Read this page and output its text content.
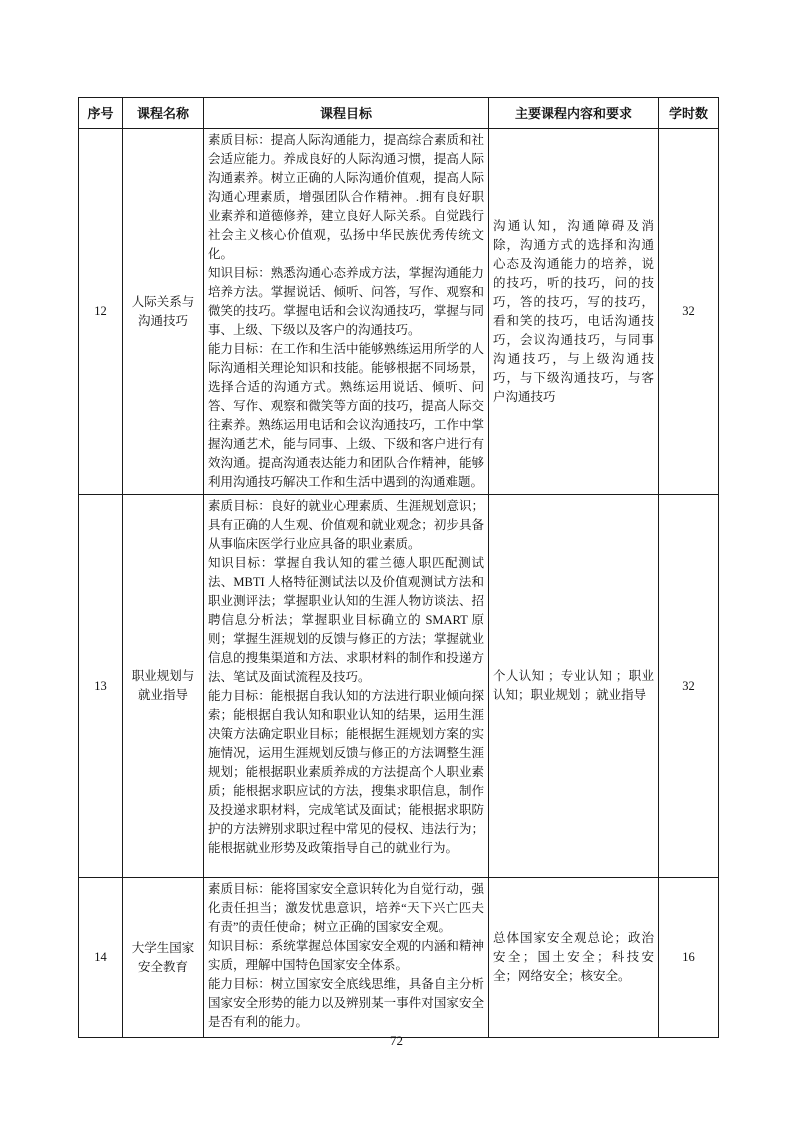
序号	课程名称	课程目标	主要课程内容和要求	学时数
12	人际关系与沟通技巧	素质目标：提高人际沟通能力，提高综合素质和社会适应能力。养成良好的人际沟通习惯，提高人际沟通素养。树立正确的人际沟通价值观，提高人际沟通心理素质，增强团队合作精神。.拥有良好职业素养和道德修养，建立良好人际关系。自觉践行社会主义核心价值观，弘扬中华民族优秀传统文化。

知识目标：熟悉沟通心态养成方法，掌握沟通能力培养方法。掌握说话、倾听、问答，写作、观察和微笑的技巧。掌握电话和会议沟通技巧，掌握与同事、上级、下级以及客户的沟通技巧。

能力目标：在工作和生活中能够熟练运用所学的人际沟通相关理论知识和技能。能够根据不同场景，选择合适的沟通方式。熟练运用说话、倾听、问答、写作、观察和微笑等方面的技巧，提高人际交往素养。熟练运用电话和会议沟通技巧，工作中掌握沟通艺术，能与同事、上级、下级和客户进行有效沟通。提高沟通表达能力和团队合作精神，能够利用沟通技巧解决工作和生活中遇到的沟通难题。	沟通认知，沟通障碍及消除，沟通方式的选择和沟通心态及沟通能力的培养，说的技巧，听的技巧，问的技巧，答的技巧，写的技巧，看和笑的技巧，电话沟通技巧，会议沟通技巧，与同事沟通技巧，与上级沟通技巧，与下级沟通技巧，与客户沟通技巧	32
13	职业规划与就业指导	素质目标：良好的就业心理素质、生涯规划意识；具有正确的人生观、价值观和就业观念；初步具备从事临床医学行业应具备的职业素质。

知识目标：掌握自我认知的霍兰德人职匹配测试法、MBTI 人格特征测试法以及价值观测试方法和职业测评法；掌握职业认知的生涯人物访谈法、招聘信息分析法；掌握职业目标确立的 SMART 原则；掌握生涯规划的反馈与修正的方法；掌握就业信息的搜集渠道和方法、求职材料的制作和投递方法、笔试及面试流程及技巧。

能力目标：能根据自我认知的方法进行职业倾向探索；能根据自我认知和职业认知的结果，运用生涯决策方法确定职业目标；能根据生涯规划方案的实施情况，运用生涯规划反馈与修正的方法调整生涯规划；能根据职业素质养成的方法提高个人职业素质；能根据求职应试的方法，搜集求职信息，制作及投递求职材料，完成笔试及面试；能根据求职防护的方法辨别求职过程中常见的侵权、违法行为；能根据就业形势及政策指导自己的就业行为。	个人认知 ；专业认知 ；职业认知；职业规划 ；就业指导	32
14	大学生国家安全教育	素质目标：能将国家安全意识转化为自觉行动，强化责任担当；激发忧患意识，培养“天下兴亡匹夫有责”的责任使命；树立正确的国家安全观。

知识目标：系统掌握总体国家安全观的内涵和精神实质，理解中国特色国家安全体系。

能力目标：树立国家安全底线思维，具备自主分析国家安全形势的能力以及辨别某一事件对国家安全是否有利的能力。	总体国家安全观总论；政治安全；国土安全；科技安全；网络安全；核安全。	16
72
